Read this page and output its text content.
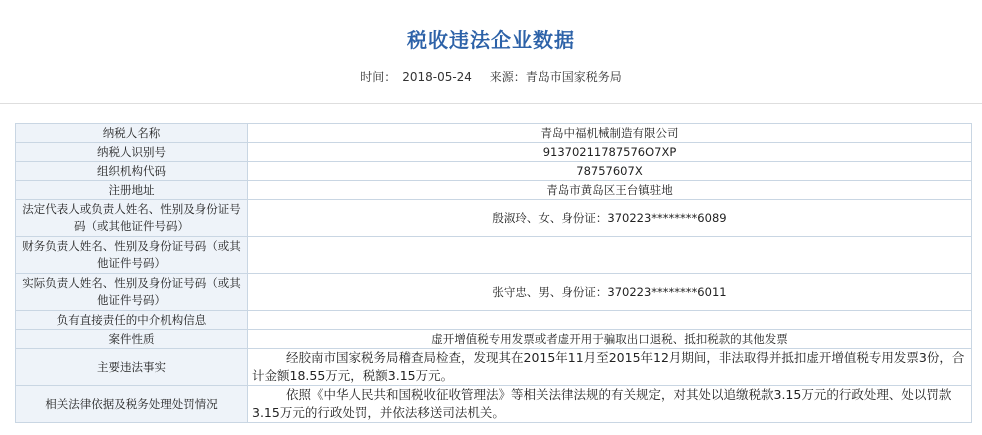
税收违法企业数据
时间： 2018-05-24 来源：青岛市国家税务局
纳税人名称	青岛中福机械制造有限公司
纳税人识别号	91370211787576O7XP
组织机构代码	78757607X
注册地址	青岛市黄岛区王台镇驻地
法定代表人或负责人姓名、性别及身份证号码（或其他证件号码）	殷淑玲、女、身份证：370223********6089
财务负责人姓名、性别及身份证号码（或其他证件号码）	
实际负责人姓名、性别及身份证号码（或其他证件号码）	张守忠、男、身份证：370223********6011
负有直接责任的中介机构信息	
案件性质	虚开增值税专用发票或者虚开用于骗取出口退税、抵扣税款的其他发票
主要违法事实	经胶南市国家税务局稽查局检查，发现其在2015年11月至2015年12月期间，非法取得并抵扣虚开增值税专用发票3份，合计金额18.55万元，税额3.15万元。
相关法律依据及税务处理处罚情况	依照《中华人民共和国税收征收管理法》等相关法律法规的有关规定，对其处以追缴税款3.15万元的行政处理、处以罚款3.15万元的行政处罚，并依法移送司法机关。
